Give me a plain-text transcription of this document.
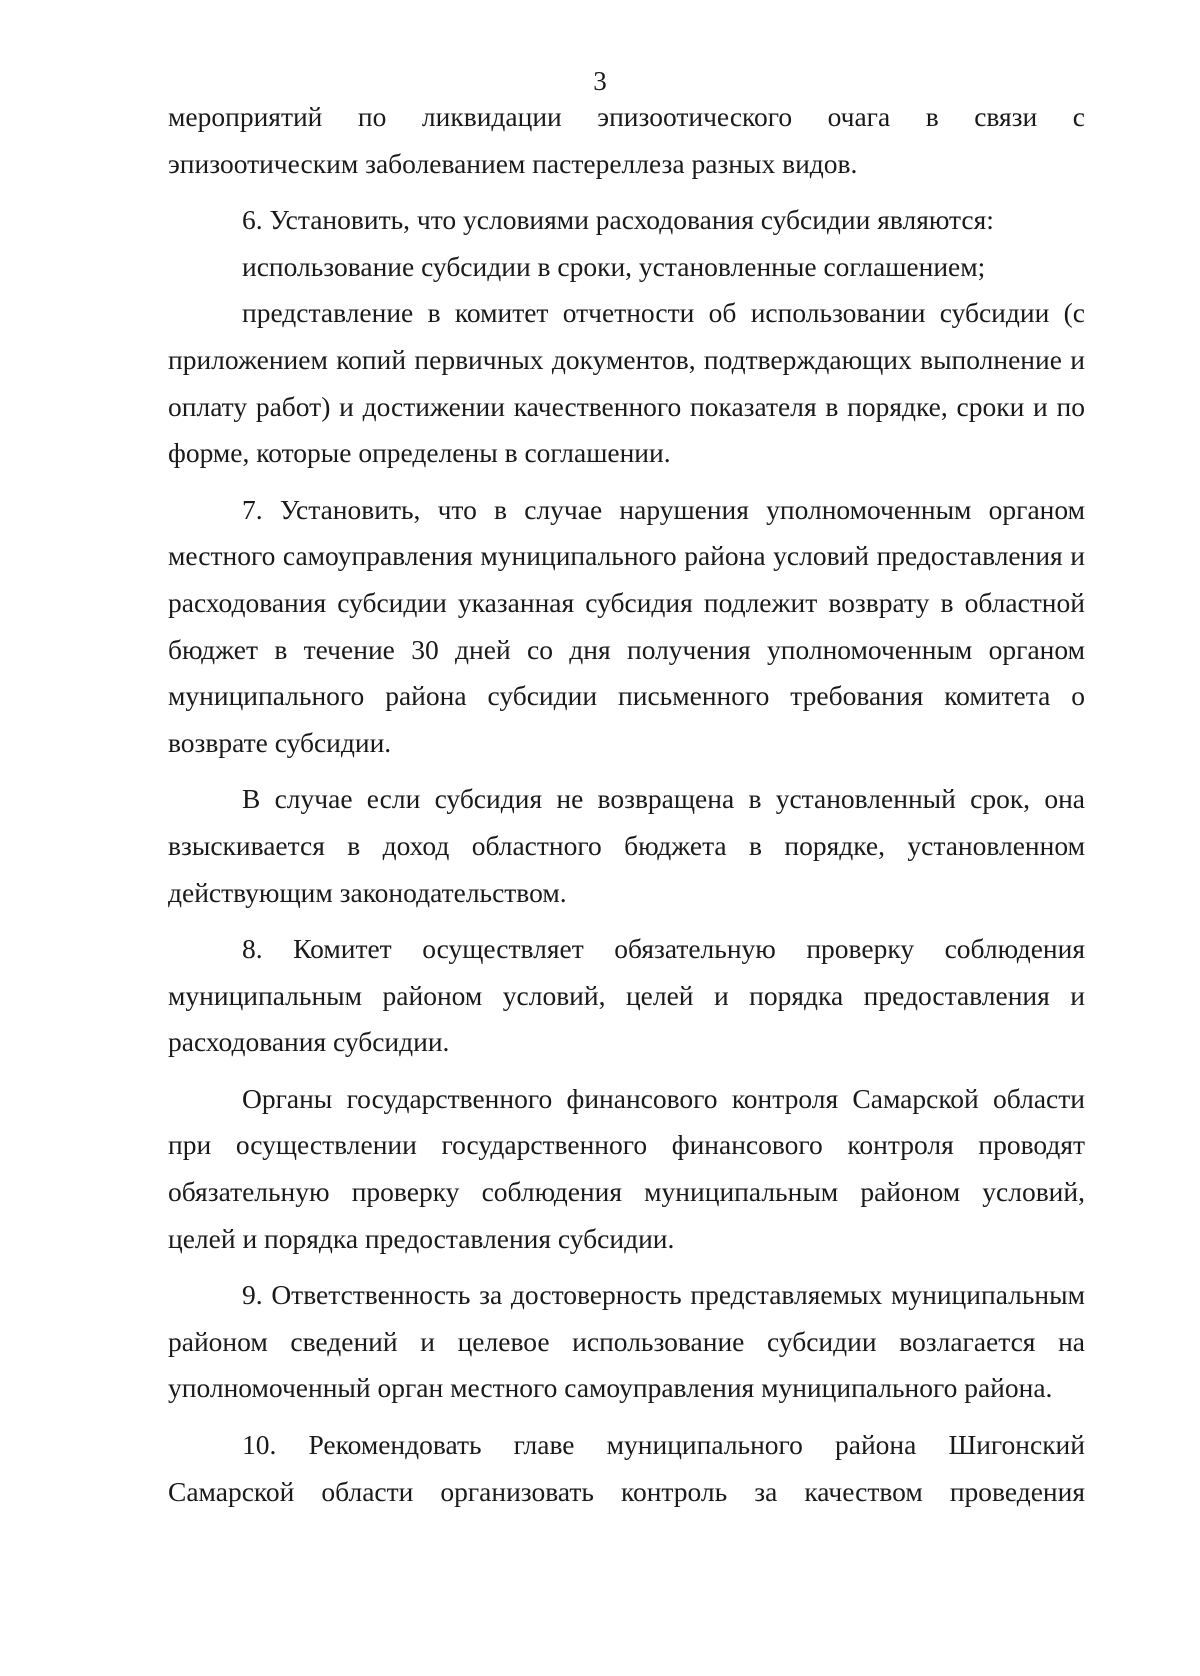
3
мероприятий по ликвидации эпизоотического очага в связи с
эпизоотическим заболеванием пастереллеза разных видов.
6. Установить, что условиями расходования субсидии являются:
использование субсидии в сроки, установленные соглашением;
представление в комитет отчетности об использовании субсидии (с
приложением копий первичных документов, подтверждающих выполнение и
оплату работ) и достижении качественного показателя в порядке, сроки и по
форме, которые определены в соглашении.
7. Установить, что в случае нарушения уполномоченным органом
местного самоуправления муниципального района условий предоставления и
расходования субсидии указанная субсидия подлежит возврату в областной
бюджет в течение 30 дней со дня получения уполномоченным органом
муниципального района субсидии письменного требования комитета о
возврате субсидии.
В случае если субсидия не возвращена в установленный срок, она
взыскивается в доход областного бюджета в порядке, установленном
действующим законодательством.
8. Комитет осуществляет обязательную проверку соблюдения
муниципальным районом условий, целей и порядка предоставления и
расходования субсидии.
Органы государственного финансового контроля Самарской области
при осуществлении государственного финансового контроля проводят
обязательную проверку соблюдения муниципальным районом условий,
целей и порядка предоставления субсидии.
9. Ответственность за достоверность представляемых муниципальным
районом сведений и целевое использование субсидии возлагается на
уполномоченный орган местного самоуправления муниципального района.
10. Рекомендовать главе муниципального района Шигонский
Самарской области организовать контроль за качеством проведения
